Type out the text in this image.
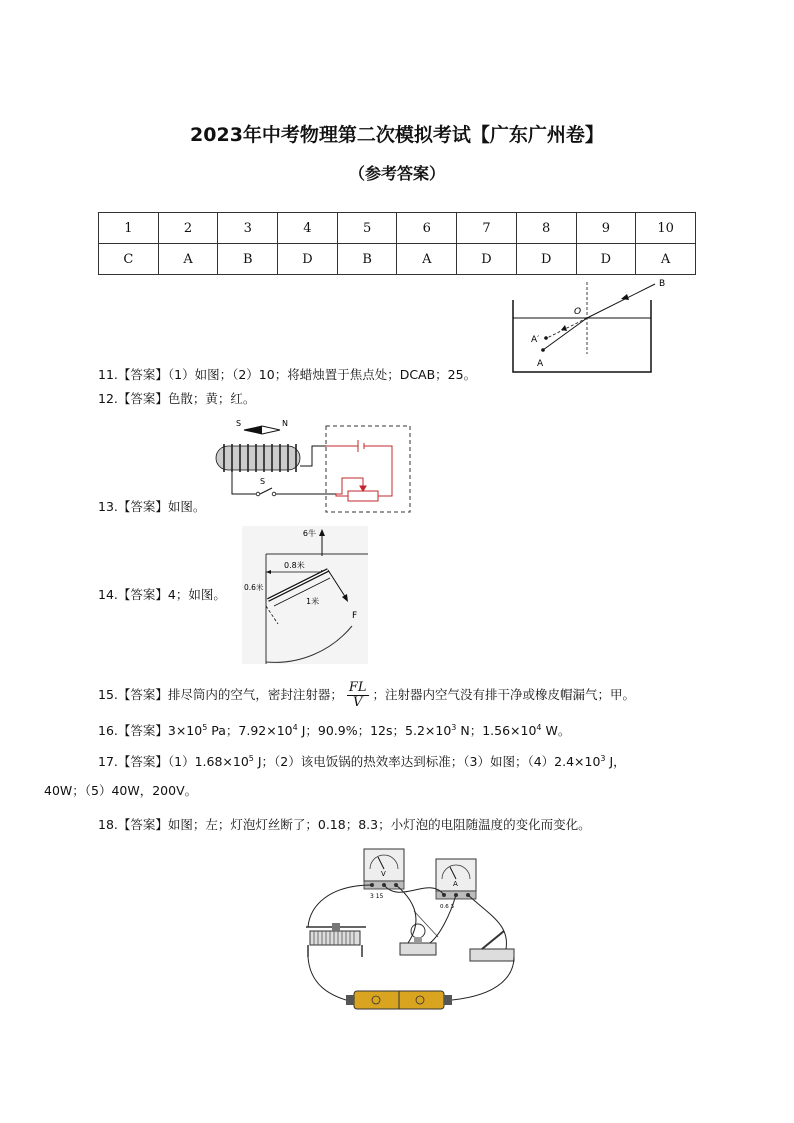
2023年中考物理第二次模拟考试【广东广州卷】
（参考答案）
1	2	3	4	5	6	7	8	9	10
C	A	B	D	B	A	D	D	D	A
B
O
A′
A
11.【答案】（1）如图；（2）10；将蜡烛置于焦点处；DCAB；25。
12.【答案】色散；黄；红。
S	N
S
13.【答案】如图。
6牛
0.8米
0.6米
1米
F
14.【答案】4；如图。
15.【答案】排尽筒内的空气，密封注射器； $\frac{FL}{V}$ ；注射器内空气没有排干净或橡皮帽漏气；甲。
16.【答案】$3\times 10^5$ Pa；$7.92\times 10^4$ J；90.9%；12s；$5.2\times 10^3$ N；$1.56\times 10^4$ W。
17.【答案】$(1)1.68\times 10^5$ J；（2）该电饭锅的热效率达到标准；（3）如图；$(4)2.4\times 10^3$ J，
40W；（5）40W，200V。
18.【答案】如图；左；灯泡灯丝断了；0.18；8.3；小灯泡的电阻随温度的变化而变化。
V
3 15
A
0.6 3
